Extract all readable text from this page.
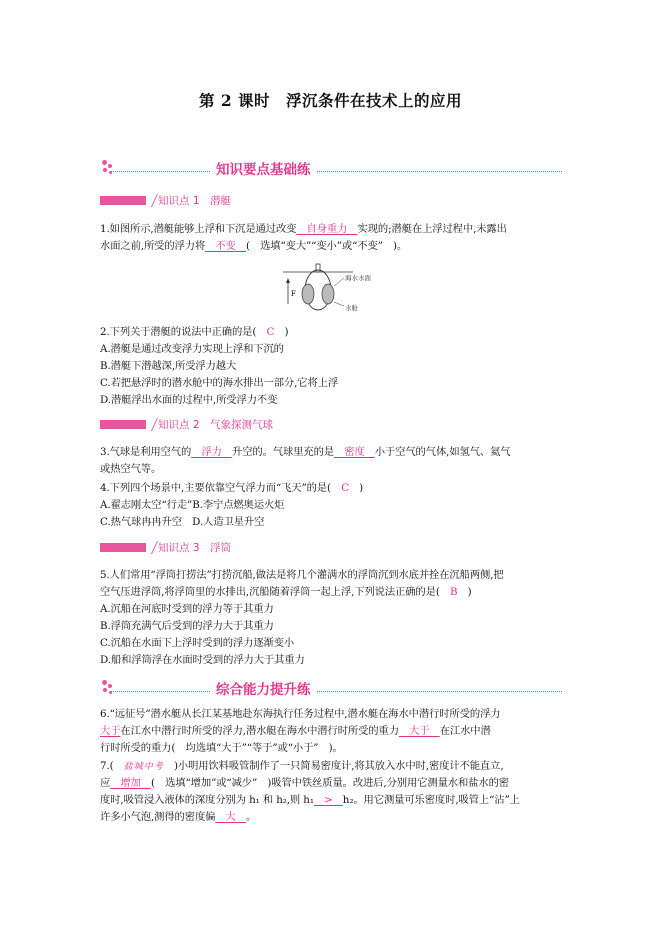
第 2 课时　浮沉条件在技术上的应用
知识要点基础练
知识点 1　潜艇
1.如图所示,潜艇能够上浮和下沉是通过改变　自身重力　实现的;潜艇在上浮过程中,未露出
水面之前,所受的浮力将　不变　(　选填“变大”“变小”或“不变”　)。
F
海水水面
水舱
2.下列关于潜艇的说法中正确的是(　C　)
A.潜艇是通过改变浮力实现上浮和下沉的
B.潜艇下潜越深,所受浮力越大
C.若把悬浮时的潜水舱中的海水排出一部分,它将上浮
D.潜艇浮出水面的过程中,所受浮力不变
知识点 2　气象探测气球
3.气球是利用空气的　浮力　升空的。气球里充的是　密度　小于空气的气体,如氢气、氦气
或热空气等。
4.下列四个场景中,主要依靠空气浮力而“飞天”的是(　C　)
A.翟志刚太空“行走”B.李宁点燃奥运火炬
C.热气球冉冉升空　D.人造卫星升空
知识点 3　浮筒
5.人们常用“浮筒打捞法”打捞沉船,做法是将几个灌满水的浮筒沉到水底并拴在沉船两侧,把
空气压进浮筒,将浮筒里的水排出,沉船随着浮筒一起上浮,下列说法正确的是(　B　)
A.沉船在河底时受到的浮力等于其重力
B.浮筒充满气后受到的浮力大于其重力
C.沉船在水面下上浮时受到的浮力逐渐变小
D.船和浮筒浮在水面时受到的浮力大于其重力
综合能力提升练
6.“远征号”潜水艇从长江某基地赴东海执行任务过程中,潜水艇在海水中潜行时所受的浮力
大于在江水中潜行时所受的浮力,潜水艇在海水中潜行时所受的重力　大于　在江水中潜
行时所受的重力(　均选填“大于”“等于”或“小于”　)。
7.(　盐城中考　)小明用饮料吸管制作了一只简易密度计,将其放入水中时,密度计不能直立,
应　增加　(　选填“增加”或“减少”　)吸管中铁丝质量。改进后,分别用它测量水和盐水的密
度时,吸管浸入液体的深度分别为 h₁ 和 h₂,则 h₁　>　h₂。用它测量可乐密度时,吸管上“沾”上
许多小气泡,测得的密度偏　大　。
